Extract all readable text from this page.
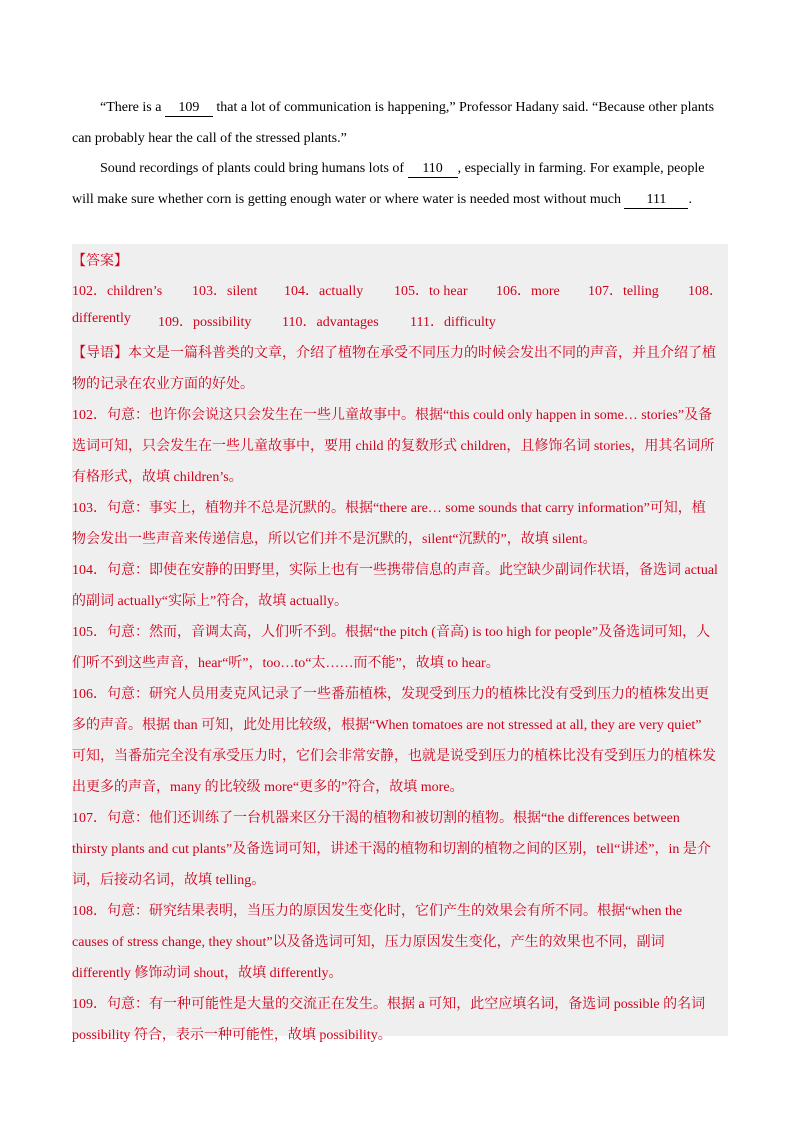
“There is a 109 that a lot of communication is happening,” Professor Hadany said. “Because other plants
can probably hear the call of the stressed plants.”
Sound recordings of plants could bring humans lots of 110 , especially in farming. For example, people
will make sure whether corn is getting enough water or where water is needed most without much 111 .
【答案】
102．children’s 103．silent 104．actually 105．to hear 106．more 107．telling 108．
differently 109．possibility 110．advantages 111．difficulty
【导语】本文是一篇科普类的文章，介绍了植物在承受不同压力的时候会发出不同的声音，并且介绍了植
物的记录在农业方面的好处。
102．句意：也许你会说这只会发生在一些儿童故事中。根据“this could only happen in some… stories”及备
选词可知，只会发生在一些儿童故事中，要用 child 的复数形式 children，且修饰名词 stories，用其名词所
有格形式，故填 children’s。
103．句意：事实上，植物并不总是沉默的。根据“there are… some sounds that carry information”可知，植
物会发出一些声音来传递信息，所以它们并不是沉默的，silent“沉默的”，故填 silent。
104．句意：即使在安静的田野里，实际上也有一些携带信息的声音。此空缺少副词作状语，备选词 actual
的副词 actually“实际上”符合，故填 actually。
105．句意：然而，音调太高，人们听不到。根据“the pitch (音高) is too high for people”及备选词可知，人
们听不到这些声音，hear“听”，too…to“太……而不能”，故填 to hear。
106．句意：研究人员用麦克风记录了一些番茄植株，发现受到压力的植株比没有受到压力的植株发出更
多的声音。根据 than 可知，此处用比较级，根据“When tomatoes are not stressed at all, they are very quiet”
可知，当番茄完全没有承受压力时，它们会非常安静，也就是说受到压力的植株比没有受到压力的植株发
出更多的声音，many 的比较级 more“更多的”符合，故填 more。
107．句意：他们还训练了一台机器来区分干渴的植物和被切割的植物。根据“the differences between
thirsty plants and cut plants”及备选词可知，讲述干渴的植物和切割的植物之间的区别，tell“讲述”，in 是介
词，后接动名词，故填 telling。
108．句意：研究结果表明，当压力的原因发生变化时，它们产生的效果会有所不同。根据“when the
causes of stress change, they shout”以及备选词可知，压力原因发生变化，产生的效果也不同，副词
differently 修饰动词 shout，故填 differently。
109．句意：有一种可能性是大量的交流正在发生。根据 a 可知，此空应填名词，备选词 possible 的名词
possibility 符合，表示一种可能性，故填 possibility。
